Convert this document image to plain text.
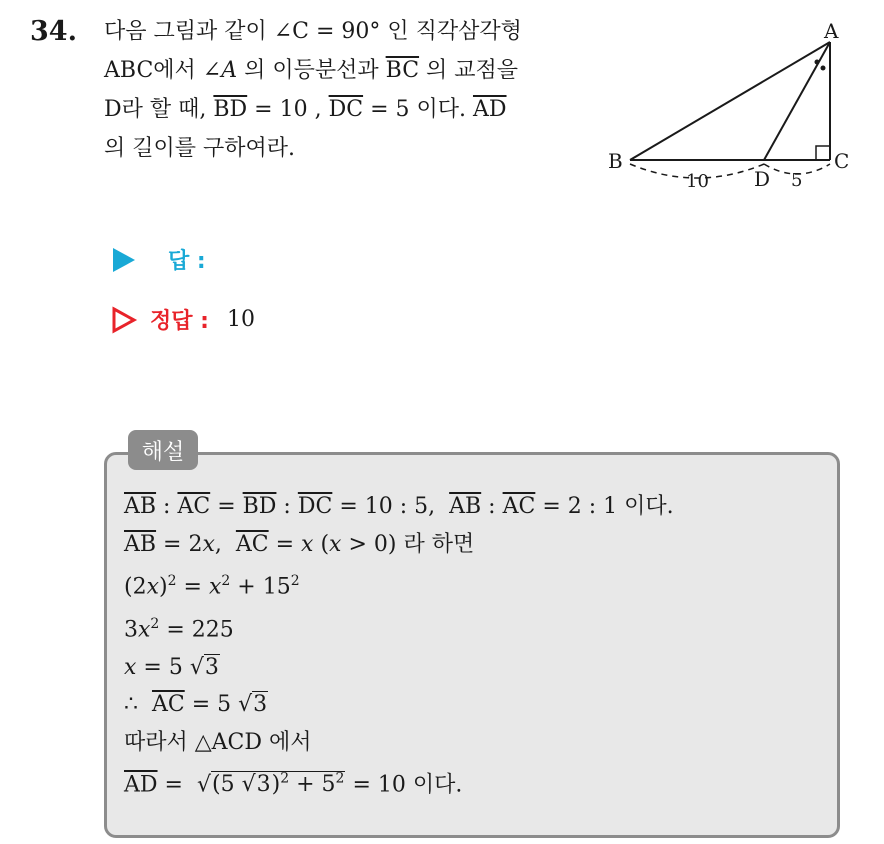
34. 다음 그림과 같이 ∠C = 90° 인 직각삼각형
ABC에서 ∠A 의 이등분선과 $\overline{BC}$ 의 교점을
D라 할 때, $\overline{BD} = 10$ , $\overline{DC} = 5$ 이다. $\overline{AD}$
의 길이를 구하여라.
A
B	C
D
10	5
답 :
정답 : 10
해설
$\overline{AB}$ : $\overline{AC} = \overline{BD}$ : $\overline{DC} = 10$ : 5,  $\overline{AB}$ : $\overline{AC} = 2$ : 1 이다.
$\overline{AB} = 2x$,  $\overline{AC} = x$ (x > 0) 라 하면
$(2x)^2 = x^2 + 15^2$
$3x^2 = 225$
x = 5 √3
∴  $\overline{AC} = 5$ √3
따라서 △ACD 에서
$\overline{AD} = √(5$ $√3)^2 + 5^2 = 10$ 이다.
